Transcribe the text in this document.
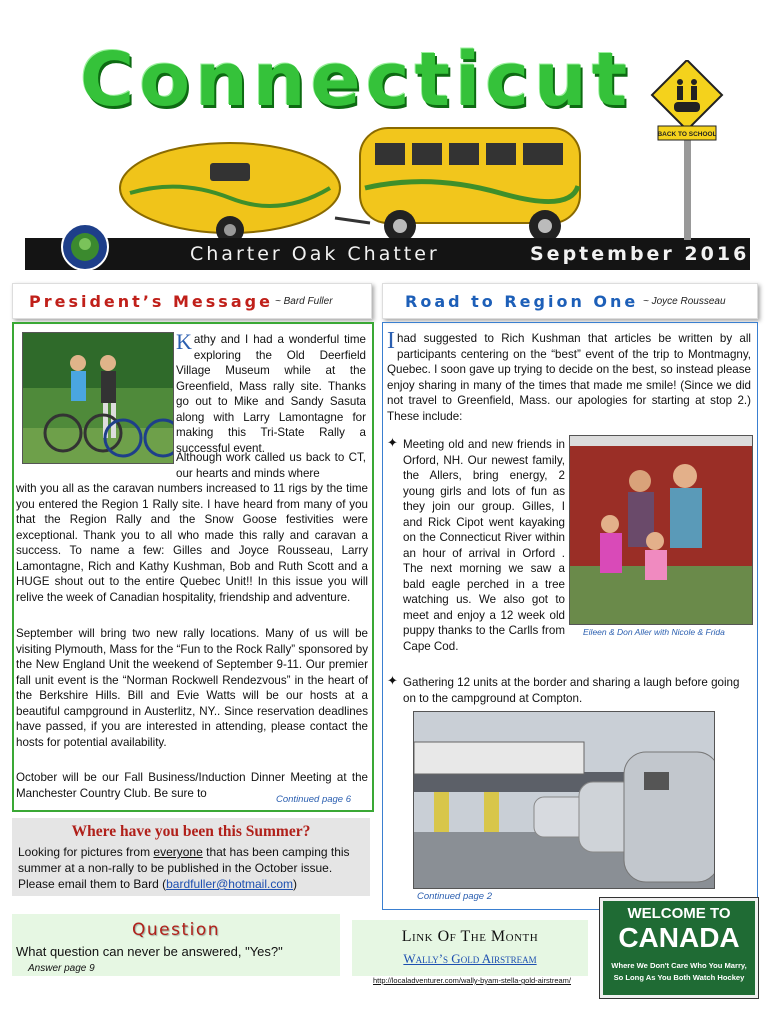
Connecticut
Charter Oak Chatter	September 2016
BACK TO SCHOOL
President’s Message ~ Bard Fuller	Road to Region One ~ Joyce Rousseau
Kathy and I had a wonderful time exploring the Old Deerfield Village Museum while at the Greenfield, Mass rally site. Thanks go out to Mike and Sandy Sasuta along with Larry Lamontagne for making this Tri-State Rally a successful event.
Although work called us back to CT, our hearts and minds where
with you all as the caravan numbers increased to 11 rigs by the time you entered the Region 1 Rally site. I have heard from many of you that the Region Rally and the Snow Goose festivities were exceptional. Thank you to all who made this rally and caravan a success. To name a few: Gilles and Joyce Rousseau, Larry Lamontagne, Rich and Kathy Kushman, Bob and Ruth Scott and a HUGE shout out to the entire Quebec Unit!! In this issue you will relive the week of Canadian hospitality, friendship and adventure.
September will bring two new rally locations. Many of us will be visiting Plymouth, Mass for the “Fun to the Rock Rally” sponsored by the New England Unit the weekend of September 9-11. Our premier fall unit event is the “Norman Rockwell Rendezvous” in the heart of the Berkshire Hills. Bill and Evie Watts will be our hosts at a beautiful campground in Austerlitz, NY.. Since reservation deadlines have passed, if you are interested in attending, please contact the hosts for potential availability.
October will be our Fall Business/Induction Dinner Meeting at the Manchester Country Club. Be sure to	Continued page 6
Where have you been this Summer?
Looking for pictures from everyone that has been camping this summer at a non-rally to be published in the October issue. Please email them to Bard (bardfuller@hotmail.com)
Question
What question can never be answered, "Yes?"
Answer page 9
Ihad suggested to Rich Kushman that articles be written by all participants centering on the “best” event of the trip to Montmagny, Quebec. I soon gave up trying to decide on the best, so instead please enjoy sharing in many of the times that made me smile! (Since we did not travel to Greenfield, Mass. our apologies for starting at stop 2.) These include:
✦ Meeting old and new friends in Orford, NH. Our newest family, the Allers, bring energy, 2 young girls and lots of fun as they join our group. Gilles, I and Rick Cipot went kayaking on the Connecticut River within an hour of arrival in Orford . The next morning we saw a bald eagle perched in a tree watching us. We also got to meet and enjoy a 12 week old puppy thanks to the Carlls from Cape Cod.
Eileen & Don Aller with Nicole & Frida
✦ Gathering 12 units at the border and sharing a laugh before going on to the campground at Compton.
Continued page 2
Link Of The Month
Wally’s Gold Airstream
http://localadventurer.com/wally-byam-stella-gold-airstream/
WELCOME TO
CANADA
Where We Don't Care Who You Marry,
So Long As You Both Watch Hockey
